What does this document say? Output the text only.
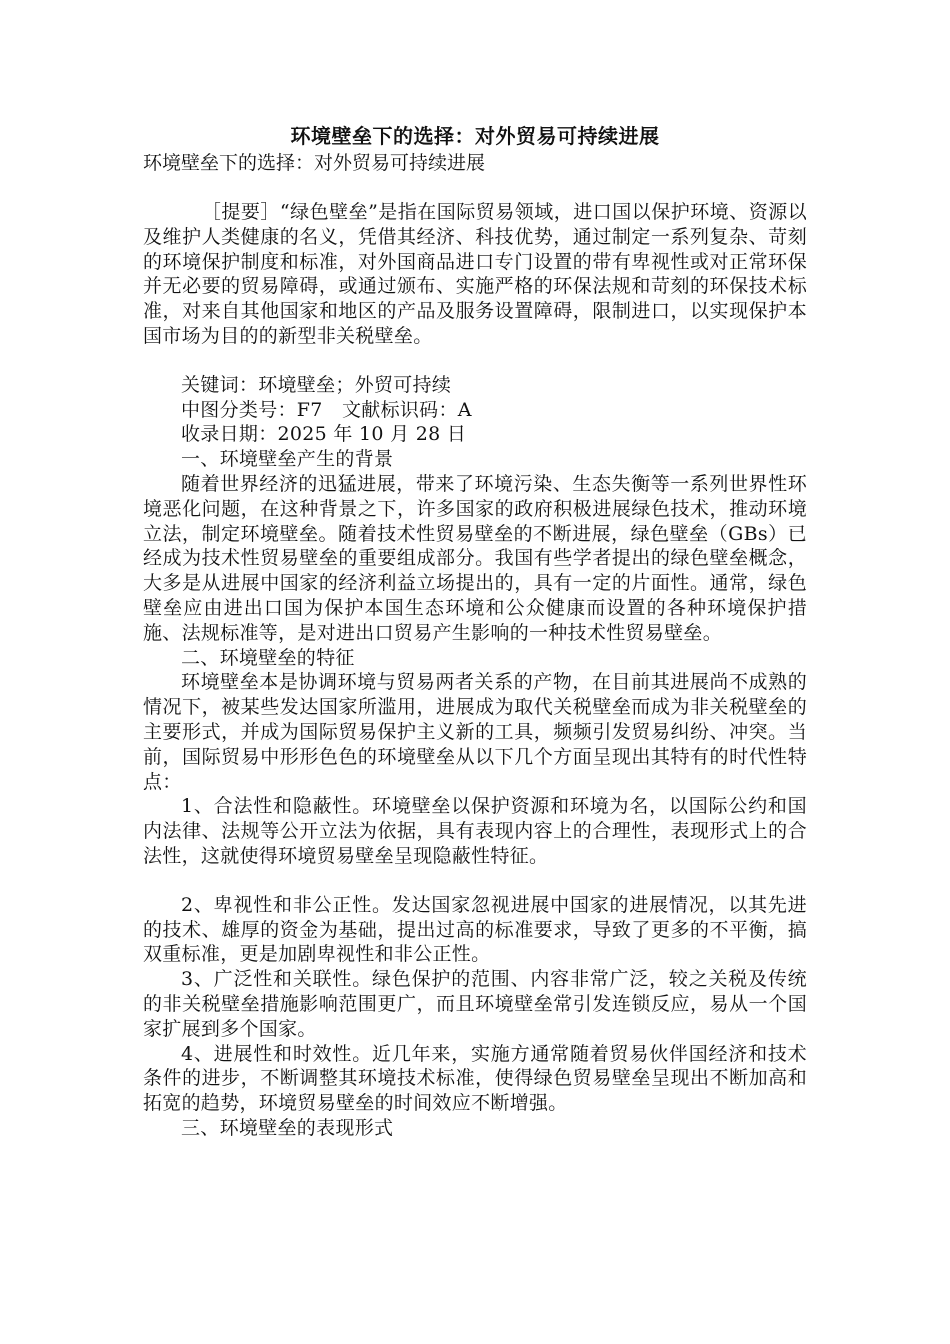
环境壁垒下的选择：对外贸易可持续进展
环境壁垒下的选择：对外贸易可持续进展

［提要］“绿色壁垒”是指在国际贸易领域，进口国以保护环境、资源以及维护人类健康的名义，凭借其经济、科技优势，通过制定一系列复杂、苛刻的环境保护制度和标准，对外国商品进口专门设置的带有卑视性或对正常环保并无必要的贸易障碍，或通过颁布、实施严格的环保法规和苛刻的环保技术标准，对来自其他国家和地区的产品及服务设置障碍，限制进口，以实现保护本国市场为目的的新型非关税壁垒。

关键词：环境壁垒；外贸可持续

中图分类号：F7　文献标识码：A

收录日期：2025 年 10 月 28 日

一、环境壁垒产生的背景

随着世界经济的迅猛进展，带来了环境污染、生态失衡等一系列世界性环境恶化问题，在这种背景之下，许多国家的政府积极进展绿色技术，推动环境立法，制定环境壁垒。随着技术性贸易壁垒的不断进展，绿色壁垒（GBs）已经成为技术性贸易壁垒的重要组成部分。我国有些学者提出的绿色壁垒概念，大多是从进展中国家的经济利益立场提出的，具有一定的片面性。通常，绿色壁垒应由进出口国为保护本国生态环境和公众健康而设置的各种环境保护措施、法规标准等，是对进出口贸易产生影响的一种技术性贸易壁垒。

二、环境壁垒的特征

环境壁垒本是协调环境与贸易两者关系的产物，在目前其进展尚不成熟的情况下，被某些发达国家所滥用，进展成为取代关税壁垒而成为非关税壁垒的主要形式，并成为国际贸易保护主义新的工具，频频引发贸易纠纷、冲突。当前，国际贸易中形形色色的环境壁垒从以下几个方面呈现出其特有的时代性特点：

1、合法性和隐蔽性。环境壁垒以保护资源和环境为名，以国际公约和国内法律、法规等公开立法为依据，具有表现内容上的合理性，表现形式上的合法性，这就使得环境贸易壁垒呈现隐蔽性特征。

2、卑视性和非公正性。发达国家忽视进展中国家的进展情况，以其先进的技术、雄厚的资金为基础，提出过高的标准要求，导致了更多的不平衡，搞双重标准，更是加剧卑视性和非公正性。

3、广泛性和关联性。绿色保护的范围、内容非常广泛，较之关税及传统的非关税壁垒措施影响范围更广，而且环境壁垒常引发连锁反应，易从一个国家扩展到多个国家。

4、进展性和时效性。近几年来，实施方通常随着贸易伙伴国经济和技术条件的进步，不断调整其环境技术标准，使得绿色贸易壁垒呈现出不断加高和拓宽的趋势，环境贸易壁垒的时间效应不断增强。

三、环境壁垒的表现形式
